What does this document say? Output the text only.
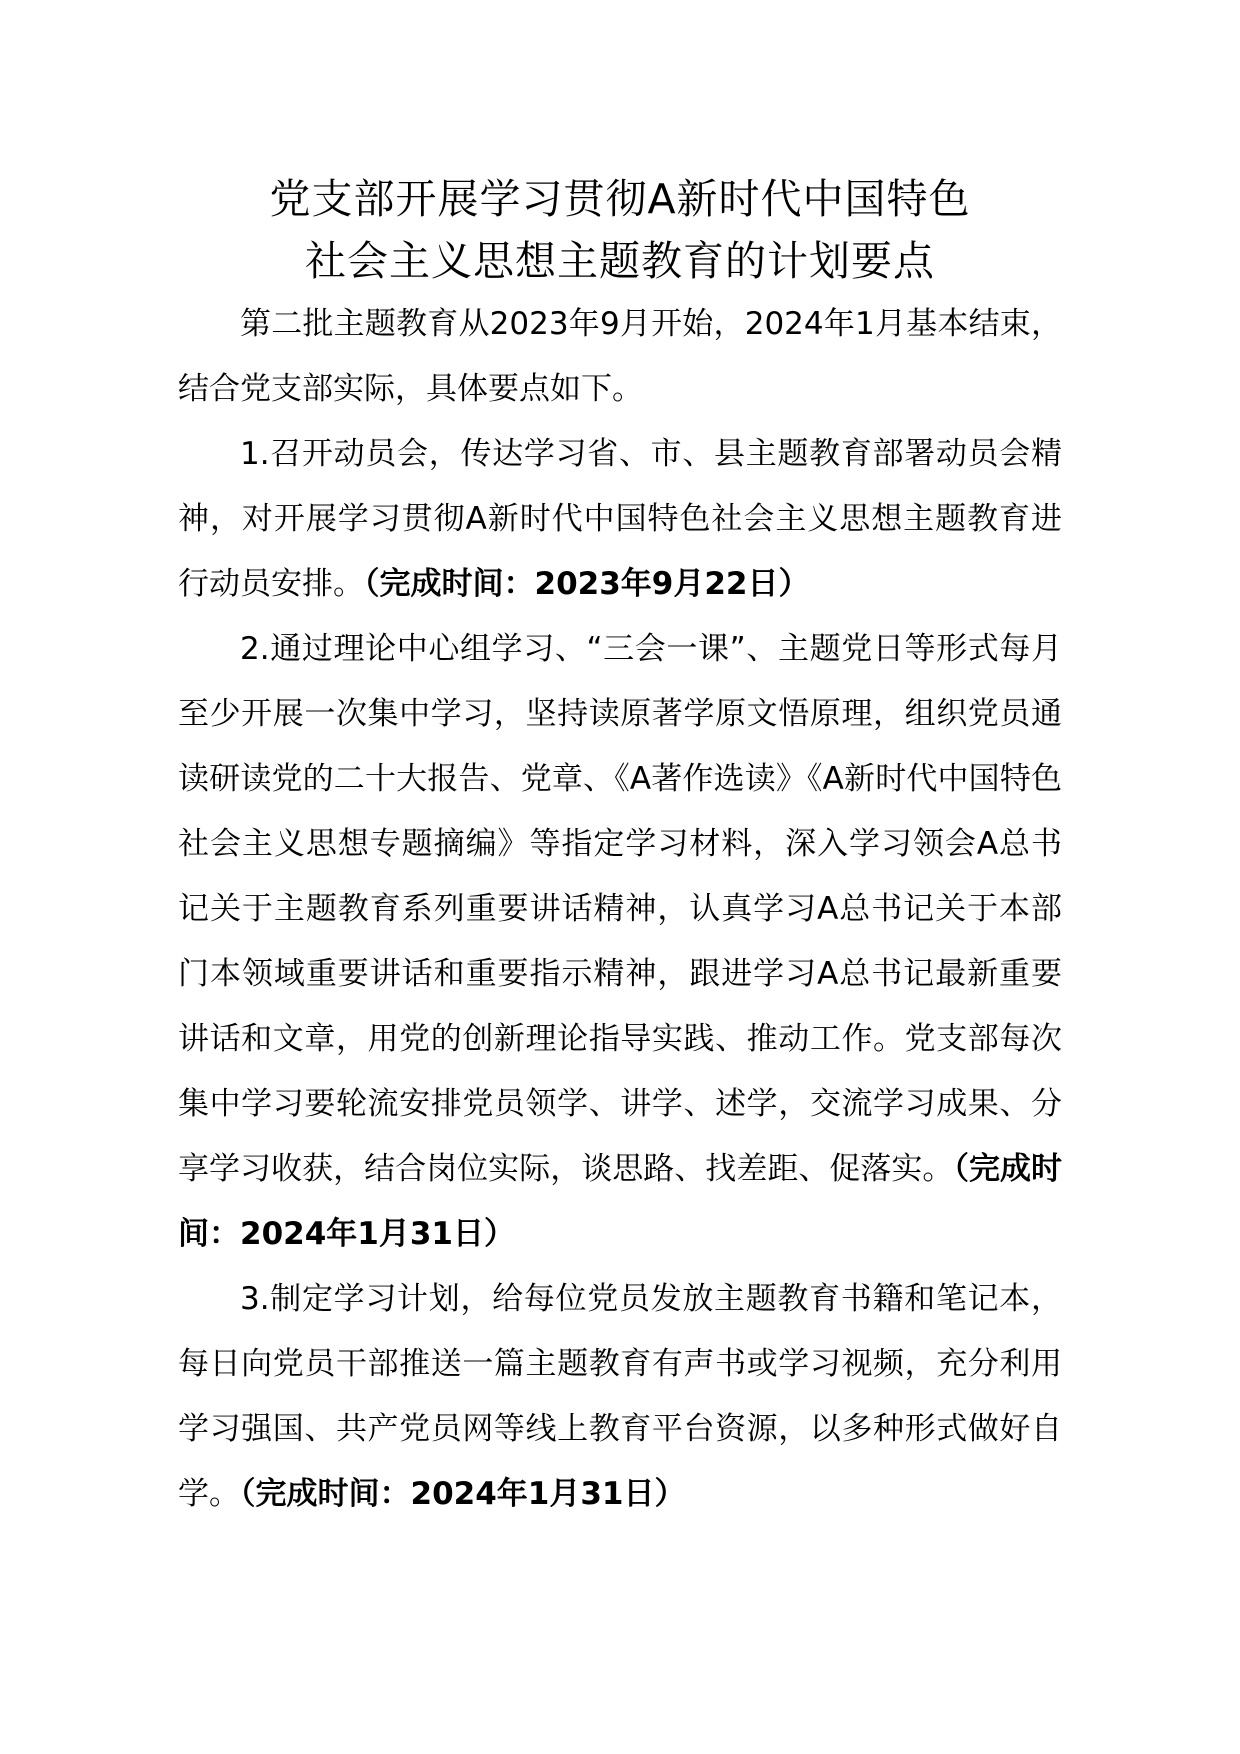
党支部开展学习贯彻A新时代中国特色
社会主义思想主题教育的计划要点

第二批主题教育从2023年9月开始，2024年1月基本结束，结合党支部实际，具体要点如下。

1.召开动员会，传达学习省、市、县主题教育部署动员会精神，对开展学习贯彻A新时代中国特色社会主义思想主题教育进行动员安排。（完成时间：2023年9月22日）

2.通过理论中心组学习、“三会一课”、主题党日等形式每月至少开展一次集中学习，坚持读原著学原文悟原理，组织党员通读研读党的二十大报告、党章、《A著作选读》《A新时代中国特色社会主义思想专题摘编》等指定学习材料，深入学习领会A总书记关于主题教育系列重要讲话精神，认真学习A总书记关于本部门本领域重要讲话和重要指示精神，跟进学习A总书记最新重要讲话和文章，用党的创新理论指导实践、推动工作。党支部每次集中学习要轮流安排党员领学、讲学、述学，交流学习成果、分享学习收获，结合岗位实际，谈思路、找差距、促落实。（完成时间：2024年1月31日）

3.制定学习计划，给每位党员发放主题教育书籍和笔记本，每日向党员干部推送一篇主题教育有声书或学习视频，充分利用学习强国、共产党员网等线上教育平台资源，以多种形式做好自学。（完成时间：2024年1月31日）
